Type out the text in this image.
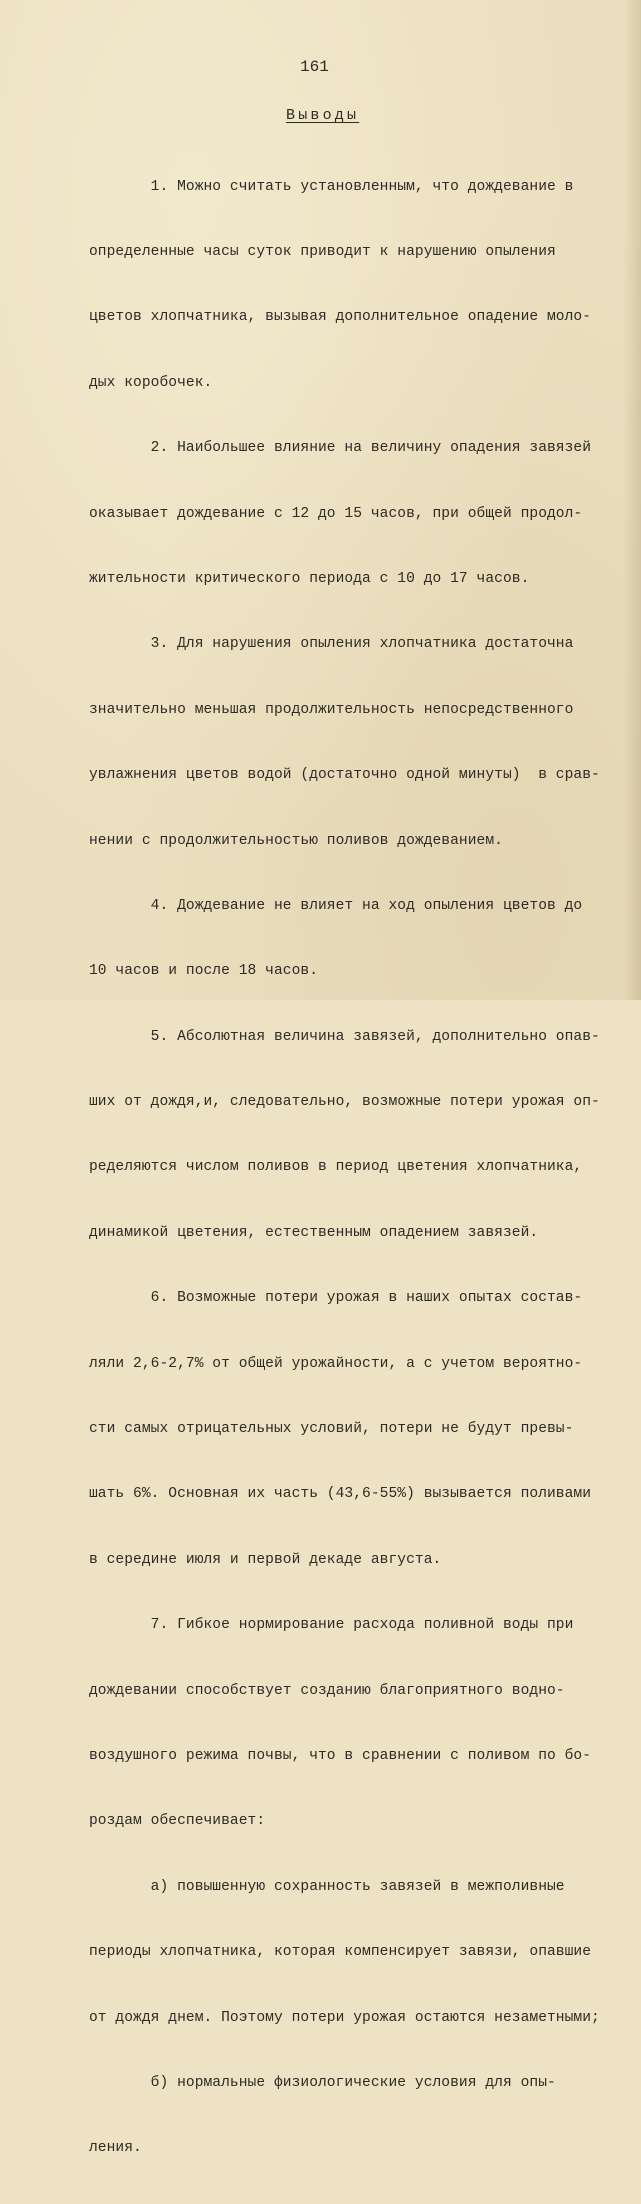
161
Выводы

1. Можно считать установленным, что дождевание в

определенные часы суток приводит к нарушению опыления

цветов хлопчатника, вызывая дополнительное опадение моло-

дых коробочек.

2. Наибольшее влияние на величину опадения завязей

оказывает дождевание с 12 до 15 часов, при общей продол-

жительности критического периода с 10 до 17 часов.

3. Для нарушения опыления хлопчатника достаточна

значительно меньшая продолжительность непосредственного

увлажнения цветов водой (достаточно одной минуты)  в срав-

нении с продолжительностью поливов дождеванием.

4. Дождевание не влияет на ход опыления цветов до

10 часов и после 18 часов.

5. Абсолютная величина завязей, дополнительно опав-

ших от дождя,и, следовательно, возможные потери урожая оп-

ределяются числом поливов в период цветения хлопчатника,

динамикой цветения, естественным опадением завязей.

6. Возможные потери урожая в наших опытах состав-

ляли 2,6-2,7% от общей урожайности, а с учетом вероятно-

сти самых отрицательных условий, потери не будут превы-

шать 6%. Основная их часть (43,6-55%) вызывается поливами

в середине июля и первой декаде августа.

7. Гибкое нормирование расхода поливной воды при

дождевании способствует созданию благоприятного водно-

воздушного режима почвы, что в сравнении с поливом по бо-

роздам обеспечивает:

а) повышенную сохранность завязей в межполивные

периоды хлопчатника, которая компенсирует завязи, опавшие

от дождя днем. Поэтому потери урожая остаются незаметными;

б) нормальные физиологические условия для опы-

ления.
